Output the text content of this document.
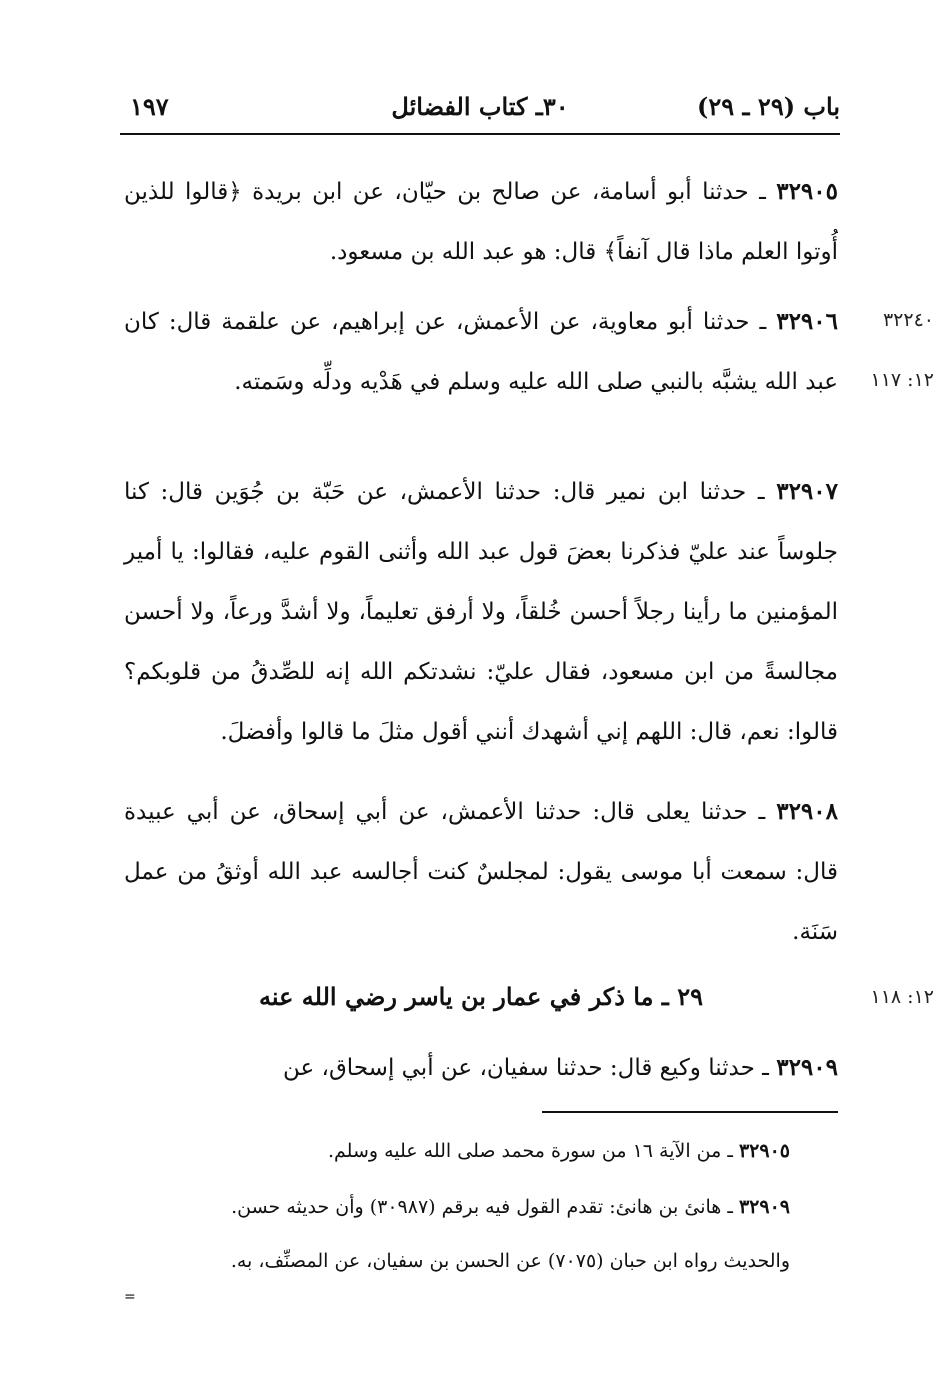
باب (٢٩ ـ ٢٩)
٣٠ـ كتاب الفضائل
١٩٧
٣٢٩٠٥ ـ حدثنا أبو أسامة، عن صالح بن حيّان، عن ابن بريدة ﴿قالوا للذين أُوتوا العلم ماذا قال آنفاً﴾ قال: هو عبد الله بن مسعود.
٣٢٩٠٦ ـ حدثنا أبو معاوية، عن الأعمش، عن إبراهيم، عن علقمة قال: كان عبد الله يشبَّه بالنبي صلى الله عليه وسلم في هَدْيه ودلِّه وسَمته.
٣٢٢٤٠
١٢: ١١٧
٣٢٩٠٧ ـ حدثنا ابن نمير قال: حدثنا الأعمش، عن حَبّة بن جُوَين قال: كنا جلوساً عند عليّ فذكرنا بعضَ قول عبد الله وأثنى القوم عليه، فقالوا: يا أمير المؤمنين ما رأينا رجلاً أحسن خُلقاً، ولا أرفق تعليماً، ولا أشدَّ ورعاً، ولا أحسن مجالسةً من ابن مسعود، فقال عليّ: نشدتكم الله إنه للصِّدقُ من قلوبكم؟ قالوا: نعم، قال: اللهم إني أشهدك أنني أقول مثلَ ما قالوا وأفضلَ.
٣٢٩٠٨ ـ حدثنا يعلى قال: حدثنا الأعمش، عن أبي إسحاق، عن أبي عبيدة قال: سمعت أبا موسى يقول: لمجلسٌ كنت أجالسه عبد الله أوثقُ من عمل سَنَة.
٢٩ ـ ما ذكر في عمار بن ياسر رضي الله عنه	١٢: ١١٨
٣٢٩٠٩ ـ حدثنا وكيع قال: حدثنا سفيان، عن أبي إسحاق، عن
٣٢٩٠٥ ـ من الآية ١٦ من سورة محمد صلى الله عليه وسلم.
٣٢٩٠٩ ـ هانئ بن هانئ: تقدم القول فيه برقم (٣٠٩٨٧) وأن حديثه حسن.
والحديث رواه ابن حبان (٧٠٧٥) عن الحسن بن سفيان، عن المصنِّف، به.
=
